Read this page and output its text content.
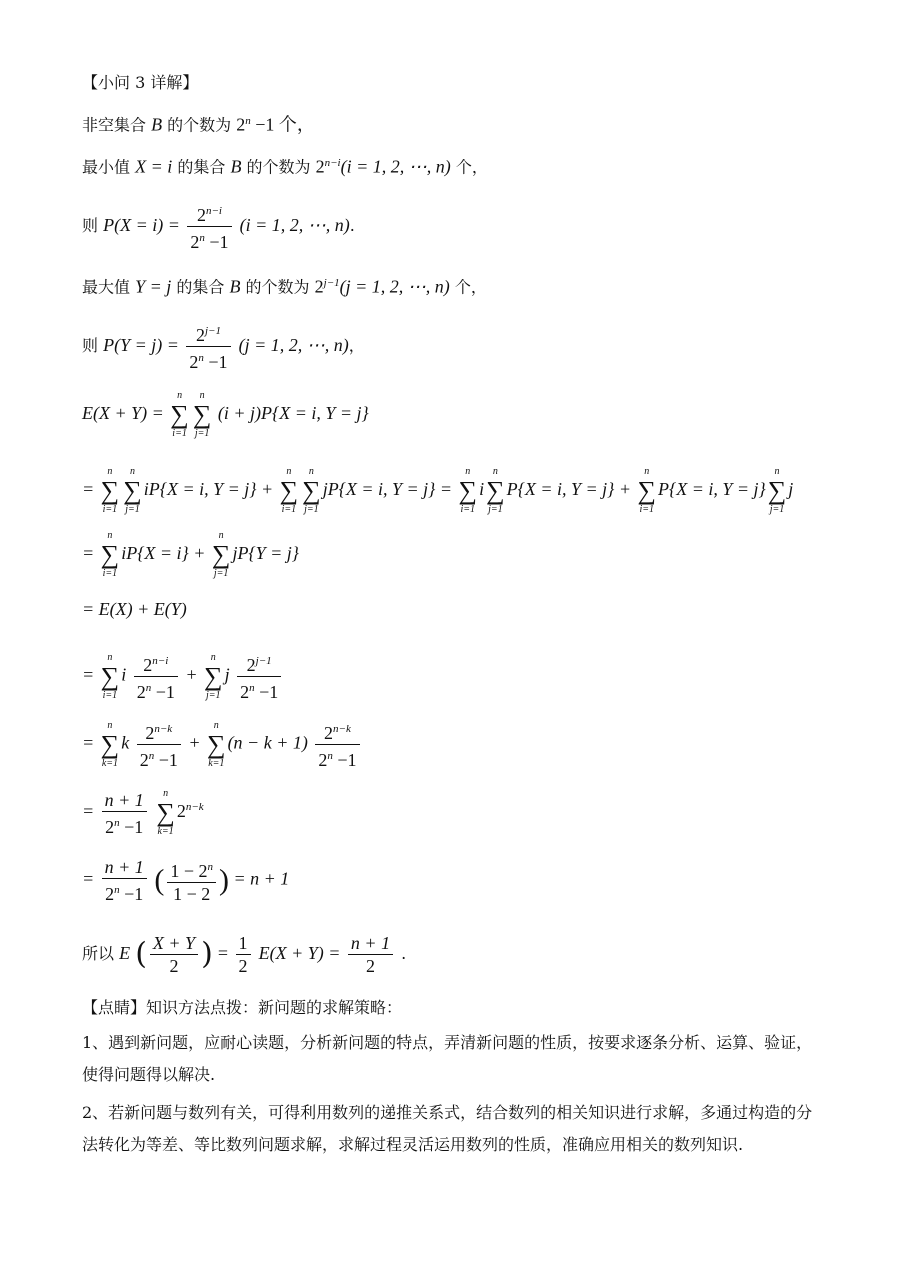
【小问 3 详解】
非空集合 B 的个数为 $2^n -1$ 个，
最小值 X = i 的集合 B 的个数为 $2^{n-i}(i = 1$, 2, ⋯, n) 个，
则 $P(X = i) = \frac{2^{n-i}}{2^n -1} (i = 1$, 2, ⋯, n).
最大值 Y = j 的集合 B 的个数为 $2^{j-1}(j = 1$, 2, ⋯, n) 个，
则 $P(Y = j) = \frac{2^{j-1}}{2^n -1} (j = 1$, 2, ⋯, n)，
E(X + Y) =
n
∑
i=1
n
∑
j=1
(i + j)P{X = i, Y = j}
=
n
∑
i=1
n
∑
j=1
iP{X = i, Y = j} +
n
∑
i=1
n
∑
j=1
jP{X = i, Y = j} =
n
∑
i=1
i
n
∑
j=1
P{X = i, Y = j} +
n
∑
i=1
P{X = i, Y = j}
n
∑
j=1
j
=
n
∑
i=1
iP{X = i} +
n
∑
j=1
jP{Y = j}
= E(X) + E(Y)
=
n
∑
i=1
i $\frac{2^{n-i}}{2^n -1}$ +
n
∑
j=1
j $\frac{2^{j-1}}{2^n -1}$
=
n
∑
k=1
k $\frac{2^{n-k}}{2^n -1}$ +
n
∑
k=1
$(n - k + 1) \frac{2^{n-k}}{2^n -1}$
= $\frac{n + 1}{2^n -1}$
	n
∑
k=1
$2^{n-k}$
= $\frac{n + 1}{2^n -1}$ ( $\frac{1 - 2^n}{1 - 2}$ ) = n + 1
所以 E ( $\frac{X + Y}{2}$ ) = $\frac{1}{2} E(X + Y) = \frac{n + 1}{2}$ .
【点睛】知识方法点拨：新问题的求解策略：
1、遇到新问题，应耐心读题，分析新问题的特点，弄清新问题的性质，按要求逐条分析、运算、验证，使得问题得以解决.
2、若新问题与数列有关，可得利用数列的递推关系式，结合数列的相关知识进行求解，多通过构造的分法转化为等差、等比数列问题求解，求解过程灵活运用数列的性质，准确应用相关的数列知识.
